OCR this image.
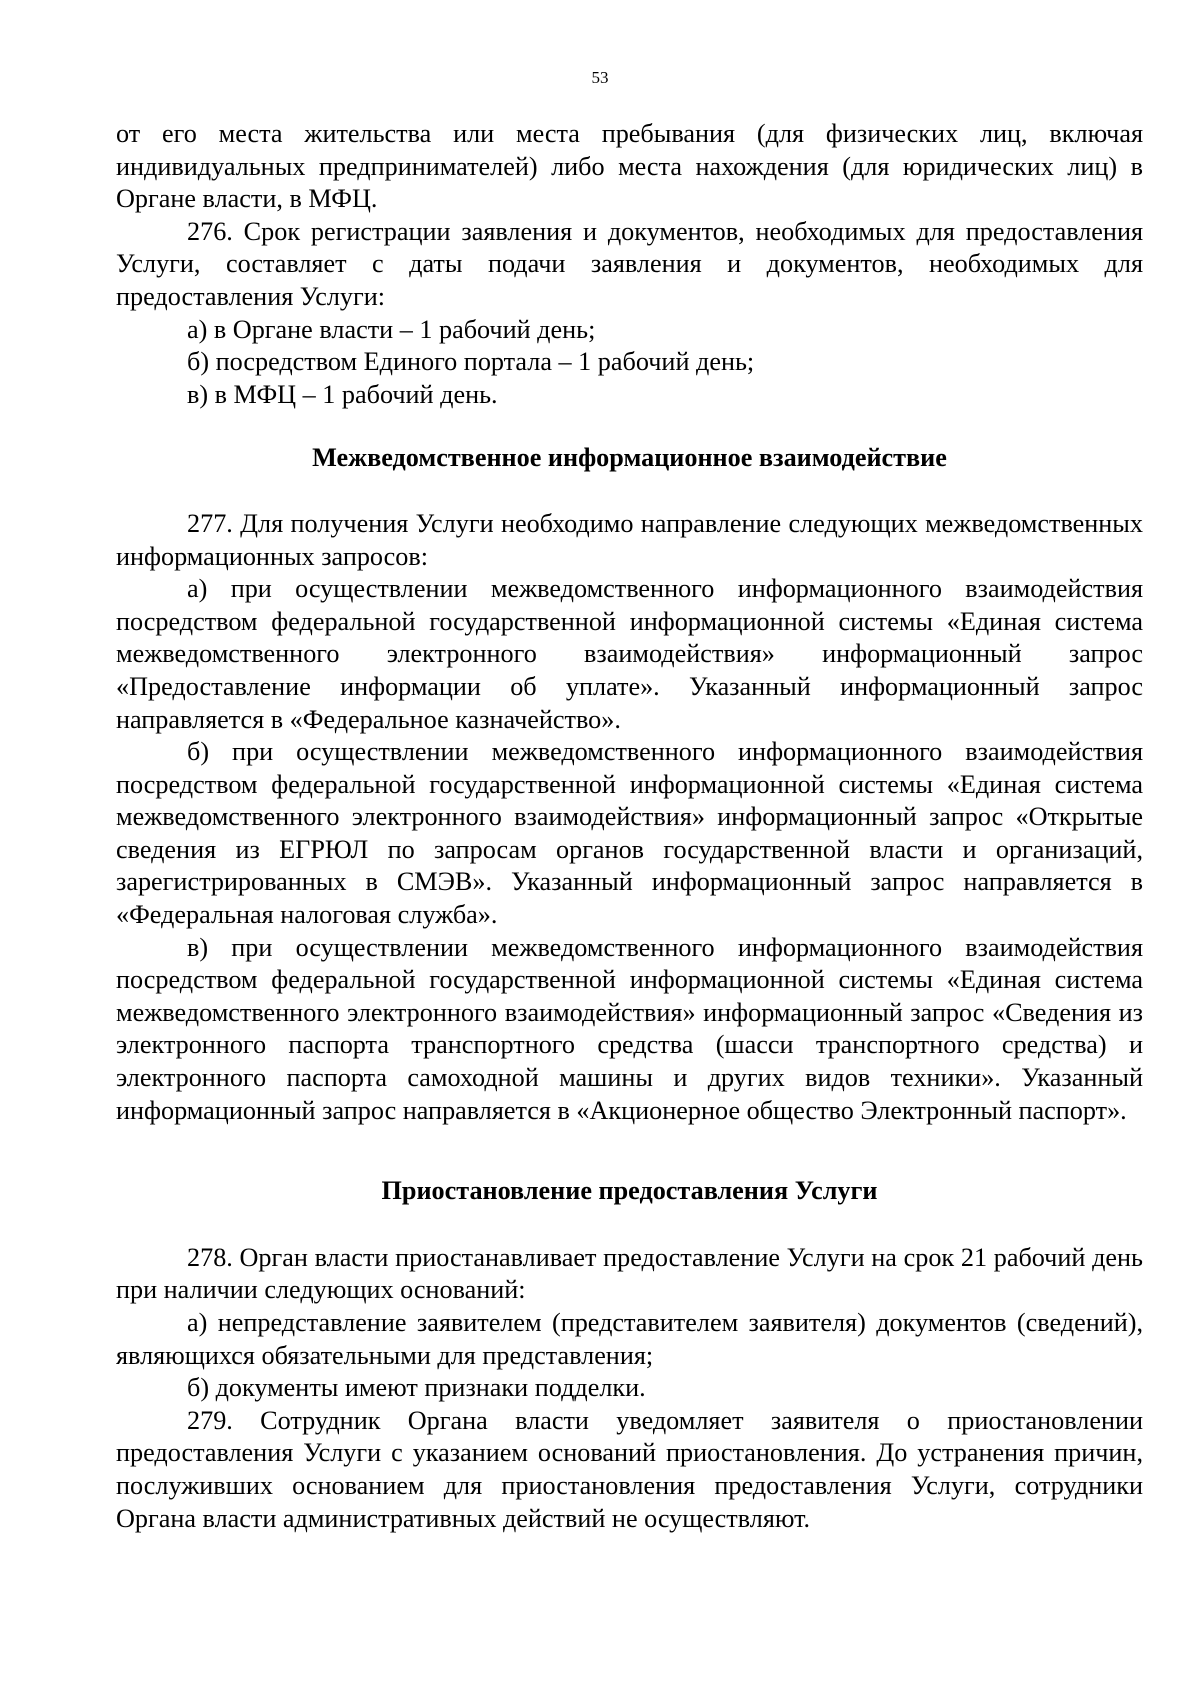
53

от его места жительства или места пребывания (для физических лиц, включая индивидуальных предпринимателей) либо места нахождения (для юридических лиц) в Органе власти, в МФЦ.

276. Срок регистрации заявления и документов, необходимых для предоставления Услуги, составляет с даты подачи заявления и документов, необходимых для предоставления Услуги:

а) в Органе власти – 1 рабочий день;

б) посредством Единого портала – 1 рабочий день;

в) в МФЦ – 1 рабочий день.

Межведомственное информационное взаимодействие

277. Для получения Услуги необходимо направление следующих межведомственных информационных запросов:

а) при осуществлении межведомственного информационного взаимодействия посредством федеральной государственной информационной системы «Единая система межведомственного электронного взаимодействия» информационный запрос «Предоставление информации об уплате». Указанный информационный запрос направляется в «Федеральное казначейство».

б) при осуществлении межведомственного информационного взаимодействия посредством федеральной государственной информационной системы «Единая система межведомственного электронного взаимодействия» информационный запрос «Открытые сведения из ЕГРЮЛ по запросам органов государственной власти и организаций, зарегистрированных в СМЭВ». Указанный информационный запрос направляется в «Федеральная налоговая служба».

в) при осуществлении межведомственного информационного взаимодействия посредством федеральной государственной информационной системы «Единая система межведомственного электронного взаимодействия» информационный запрос «Сведения из электронного паспорта транспортного средства (шасси транспортного средства) и электронного паспорта самоходной машины и других видов техники». Указанный информационный запрос направляется в «Акционерное общество Электронный паспорт».

Приостановление предоставления Услуги

278. Орган власти приостанавливает предоставление Услуги на срок 21 рабочий день при наличии следующих оснований:

а) непредставление заявителем (представителем заявителя) документов (сведений), являющихся обязательными для представления;

б) документы имеют признаки подделки.

279. Сотрудник Органа власти уведомляет заявителя о приостановлении предоставления Услуги с указанием оснований приостановления. До устранения причин, послуживших основанием для приостановления предоставления Услуги, сотрудники Органа власти административных действий не осуществляют.
